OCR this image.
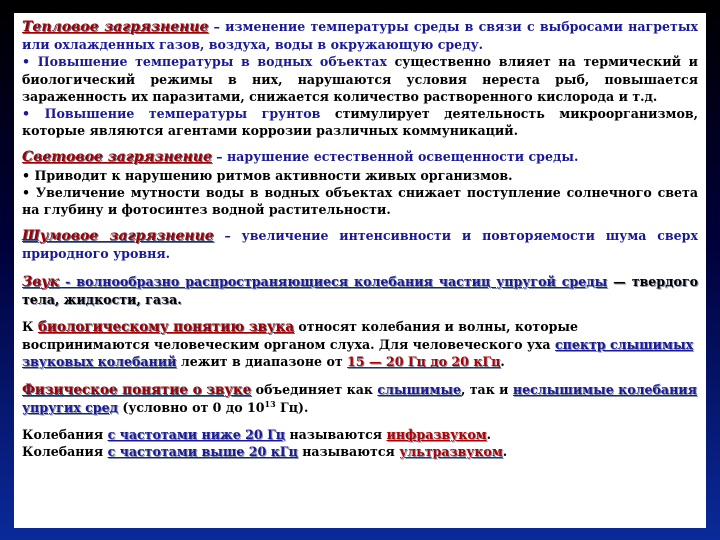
Тепловое загрязнение – изменение температуры среды в связи с выбросами нагретых или охлажденных газов, воздуха, воды в окружающую среду.

• Повышение температуры в водных объектах существенно влияет на термический и биологический режимы в них, нарушаются условия нереста рыб, повышается зараженность их паразитами, снижается количество растворенного кислорода и т.д.

• Повышение температуры грунтов стимулирует деятельность микроорганизмов, которые являются агентами коррозии различных коммуникаций.

Световое загрязнение – нарушение естественной освещенности среды.

• Приводит к нарушению ритмов активности живых организмов.

• Увеличение мутности воды в водных объектах снижает поступление солнечного света на глубину и фотосинтез водной растительности.

Шумовое загрязнение – увеличение интенсивности и повторяемости шума сверх природного уровня.

Звук - волнообразно распространяющиеся колебания частиц упругой среды — твердого тела, жидкости, газа.

К биологическому понятию звука относят колебания и волны, которые воспринимаются человеческим органом слуха. Для человеческого уха спектр слышимых звуковых колебаний лежит в диапазоне от 15 — 20 Гц до 20 кГц.

Физическое понятие о звуке объединяет как слышимые, так и неслышимые колебания упругих сред (условно от 0 до $10^{13}$ Гц).

Колебания с частотами ниже 20 Гц называются инфразвуком.

Колебания с частотами выше 20 кГц называются ультразвуком.
